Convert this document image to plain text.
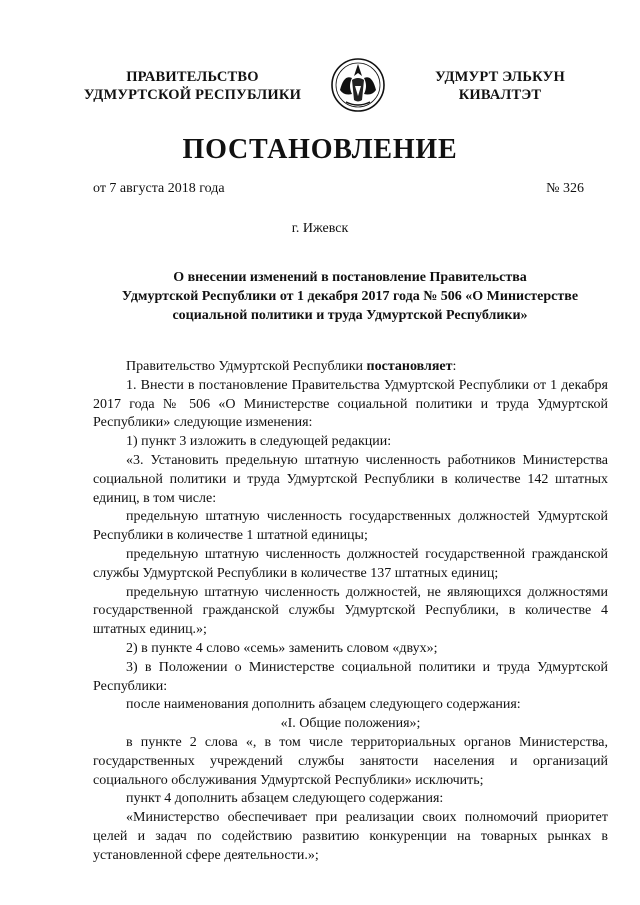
ПРАВИТЕЛЬСТВО
УДМУРТСКОЙ РЕСПУБЛИКИ
УДМУРТ ЭЛЬКУН
КИВАЛТЭТ
ПОСТАНОВЛЕНИЕ
от 7 августа 2018 года	№ 326
г. Ижевск
О внесении изменений в постановление Правительства
Удмуртской Республики от 1 декабря 2017 года № 506 «О Министерстве
социальной политики и труда Удмуртской Республики»

Правительство Удмуртской Республики постановляет:

1. Внести в постановление Правительства Удмуртской Республики от 1 декабря 2017 года № 506 «О Министерстве социальной политики и труда Удмуртской Республики» следующие изменения:

1) пункт 3 изложить в следующей редакции:

«3. Установить предельную штатную численность работников Министерства социальной политики и труда Удмуртской Республики в количестве 142 штатных единиц, в том числе:

предельную штатную численность государственных должностей Удмуртской Республики в количестве 1 штатной единицы;

предельную штатную численность должностей государственной гражданской службы Удмуртской Республики в количестве 137 штатных единиц;

предельную штатную численность должностей, не являющихся должностями государственной гражданской службы Удмуртской Республики, в количестве 4 штатных единиц.»;

2) в пункте 4 слово «семь» заменить словом «двух»;

3) в Положении о Министерстве социальной политики и труда Удмуртской Республики:

после наименования дополнить абзацем следующего содержания:

«I. Общие положения»;

в пункте 2 слова «, в том числе территориальных органов Министерства, государственных учреждений службы занятости населения и организаций социального обслуживания Удмуртской Республики» исключить;

пункт 4 дополнить абзацем следующего содержания:

«Министерство обеспечивает при реализации своих полномочий приоритет целей и задач по содействию развитию конкуренции на товарных рынках в установленной сфере деятельности.»;
